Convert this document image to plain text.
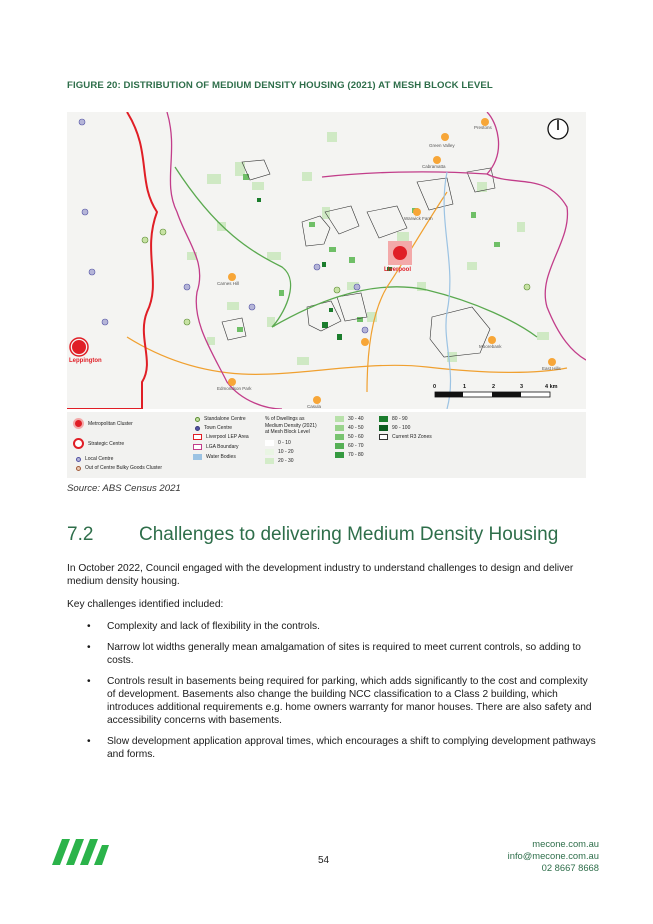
FIGURE 20: DISTRIBUTION OF MEDIUM DENSITY HOUSING (2021) AT MESH BLOCK LEVEL
Green Valley
Prestons
Cabramatta
Warwick Farm
Moorebank
East Hills
Edmondson Park
Casula
Carnes Hill
Liverpool
Leppington
0	1	2	3	4 km
Metropolitan Cluster
Strategic Centre
Local Centre
Out of Centre Bulky Goods Cluster
Standalone Centre
Town Centre
Liverpool LEP Area
LGA Boundary
Water Bodies
% of Dwellings as
Medium Density (2021)
at Mesh Block Level
0 - 10
10 - 20
20 - 30
30 - 40
40 - 50
50 - 60
60 - 70
70 - 80
80 - 90
90 - 100
Current R3 Zones
Source: ABS Census 2021
7.2 Challenges to delivering Medium Density Housing
In October 2022, Council engaged with the development industry to understand challenges to design and deliver medium density housing.
Key challenges identified included:
• Complexity and lack of flexibility in the controls.
• Narrow lot widths generally mean amalgamation of sites is required to meet current controls, so adding to costs.
• Controls result in basements being required for parking, which adds significantly to the cost and complexity of development. Basements also change the building NCC classification to a Class 2 building, which introduces additional requirements e.g. home owners warranty for manor houses. There are also safety and accessibility concerns with basements.
• Slow development application approval times, which encourages a shift to complying development pathways and forms.
54
mecone.com.au
info@mecone.com.au
02 8667 8668
